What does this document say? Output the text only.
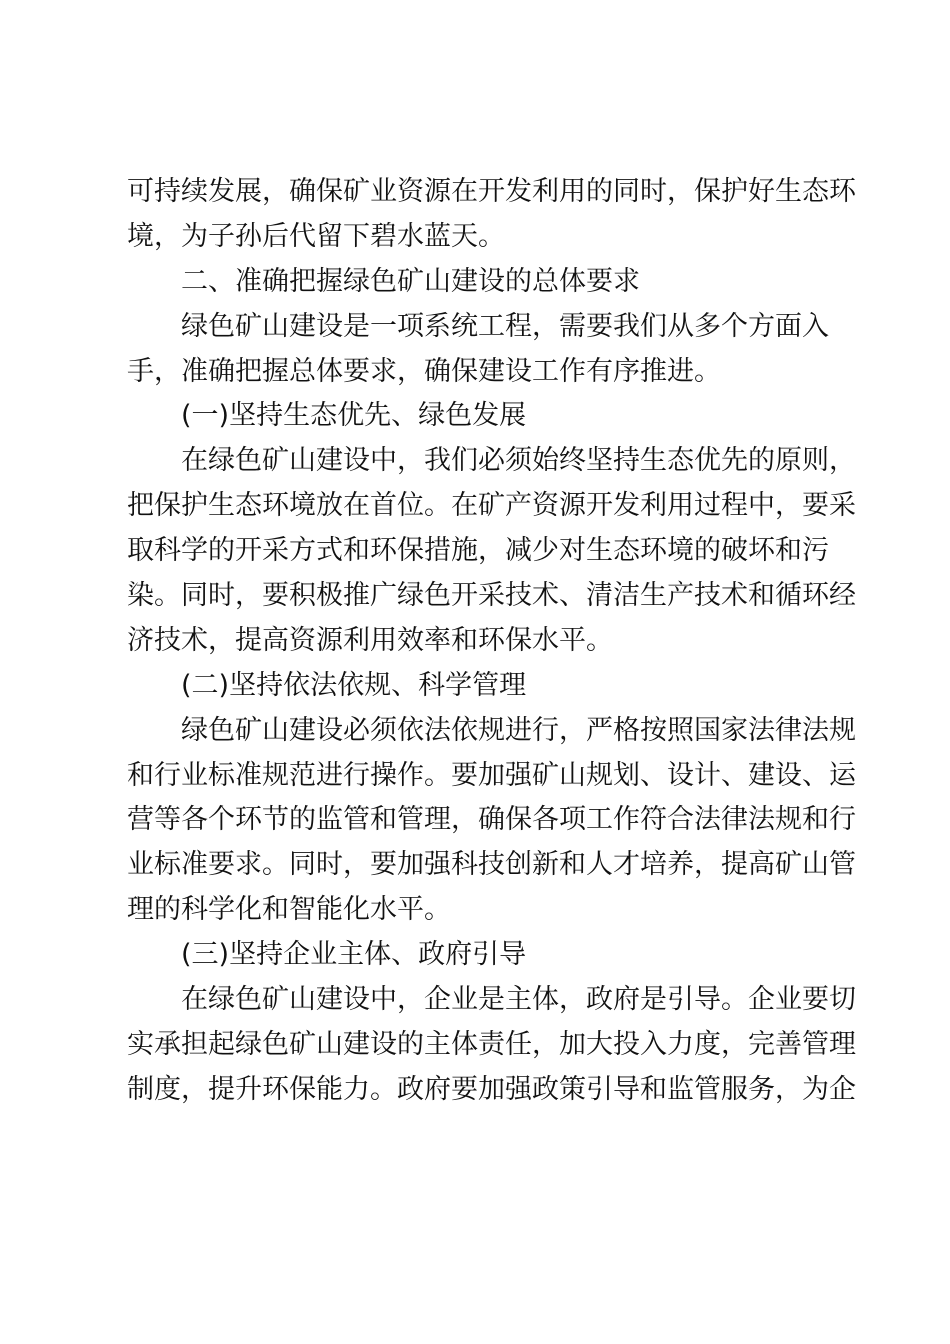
可持续发展，确保矿业资源在开发利用的同时，保护好生态环
境，为子孙后代留下碧水蓝天。
二、准确把握绿色矿山建设的总体要求
绿色矿山建设是一项系统工程，需要我们从多个方面入
手，准确把握总体要求，确保建设工作有序推进。
(一)坚持生态优先、绿色发展
在绿色矿山建设中，我们必须始终坚持生态优先的原则，
把保护生态环境放在首位。在矿产资源开发利用过程中，要采
取科学的开采方式和环保措施，减少对生态环境的破坏和污
染。同时，要积极推广绿色开采技术、清洁生产技术和循环经
济技术，提高资源利用效率和环保水平。
(二)坚持依法依规、科学管理
绿色矿山建设必须依法依规进行，严格按照国家法律法规
和行业标准规范进行操作。要加强矿山规划、设计、建设、运
营等各个环节的监管和管理，确保各项工作符合法律法规和行
业标准要求。同时，要加强科技创新和人才培养，提高矿山管
理的科学化和智能化水平。
(三)坚持企业主体、政府引导
在绿色矿山建设中，企业是主体，政府是引导。企业要切
实承担起绿色矿山建设的主体责任，加大投入力度，完善管理
制度，提升环保能力。政府要加强政策引导和监管服务，为企
